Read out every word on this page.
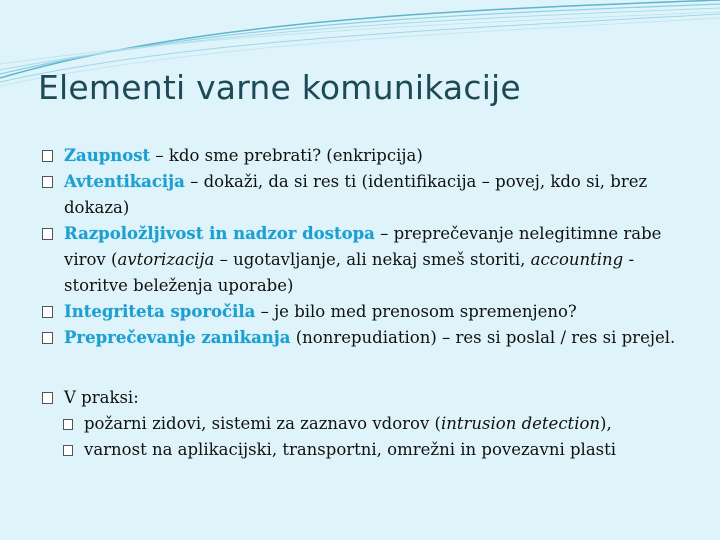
Elementi varne komunikacije

Zaupnost – kdo sme prebrati? (enkripcija)

Avtentikacija – dokaži, da si res ti (identifikacija – povej, kdo si, brez dokaza)

Razpoložljivost in nadzor dostopa – preprečevanje nelegitimne rabe virov (avtorizacija – ugotavljanje, ali nekaj smeš storiti, accounting - storitve beleženja uporabe)

Integriteta sporočila – je bilo med prenosom spremenjeno?

Preprečevanje zanikanja (nonrepudiation) – res si poslal / res si prejel.

V praksi:

požarni zidovi, sistemi za zaznavo vdorov (intrusion detection),

varnost na aplikacijski, transportni, omrežni in povezavni plasti
